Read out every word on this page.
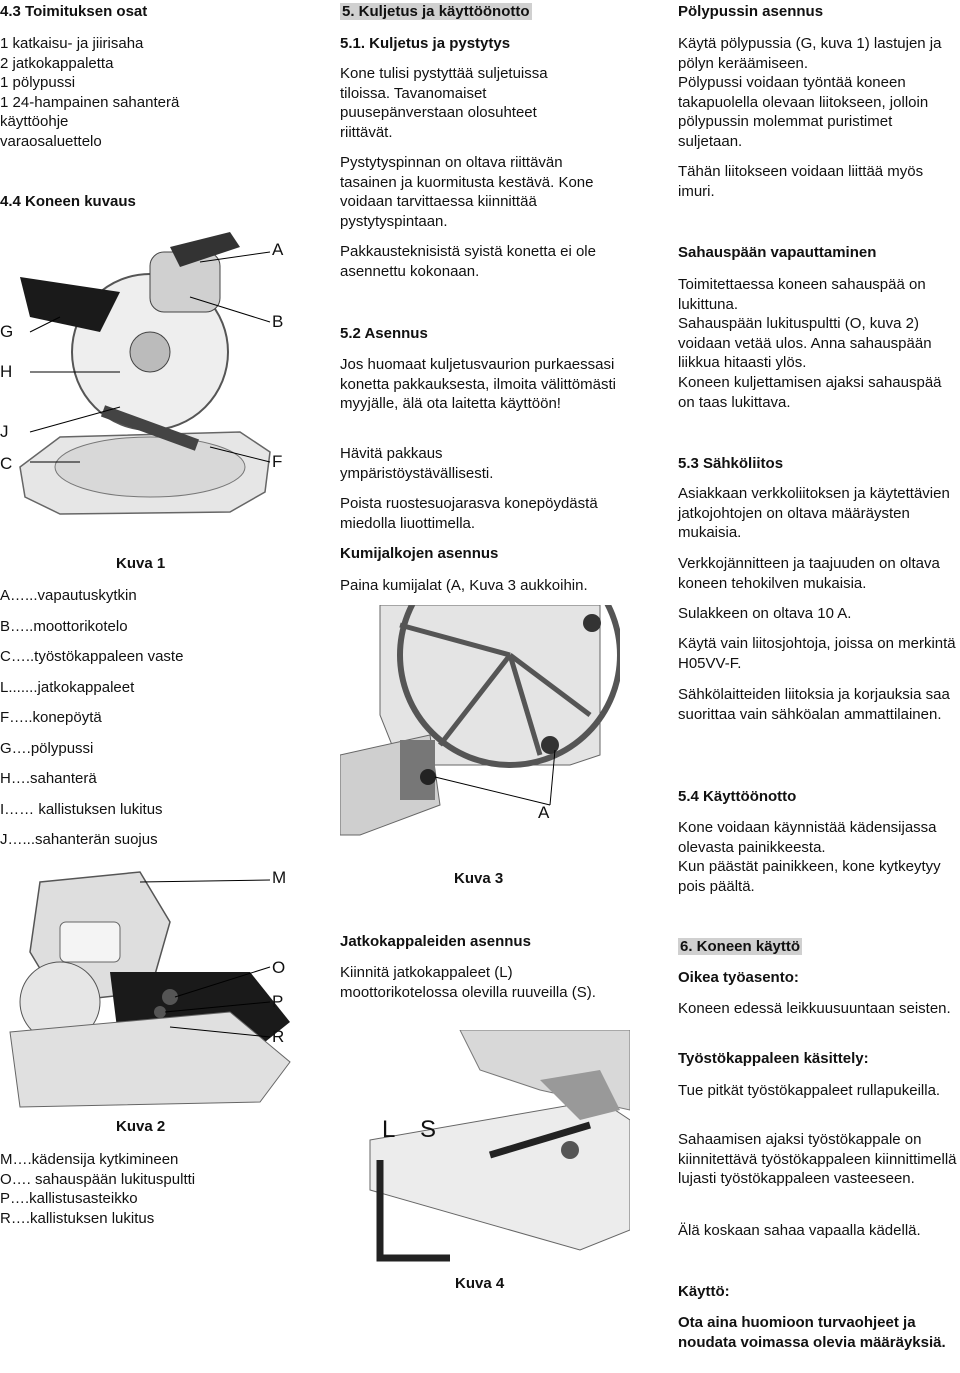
4.3 Toimituksen osat

1 katkaisu- ja jiirisaha

2 jatkokappaletta

1 pölypussi

1 24-hampainen sahanterä

käyttöohje

varaosaluettelo

4.4 Koneen kuvaus

A
B
G
H
J
C	F
Kuva 1

A…...vapautuskytkin

B…..moottorikotelo

C…..työstökappaleen vaste

L.......jatkokappaleet

F…..konepöytä

G….pölypussi

H….sahanterä

I…… kallistuksen lukitus

J…...sahanterän suojus

M
O
P
R
Kuva 2

M….kädensija kytkimineen

O…. sahauspään lukituspultti

P….kallistusasteikko

R….kallistuksen lukitus

5. Kuljetus ja käyttöönotto

5.1. Kuljetus ja pystytys

Kone tulisi pystyttää suljetuissa tiloissa. Tavanomaiset puusepänverstaan olosuhteet riittävät.

Pystytyspinnan on oltava riittävän tasainen ja kuormitusta kestävä. Kone voidaan tarvittaessa kiinnittää pystytyspintaan.

Pakkausteknisistä syistä konetta ei ole asennettu kokonaan.

5.2 Asennus

Jos huomaat kuljetusvaurion purkaessasi konetta pakkauksesta, ilmoita välittömästi myyjälle, älä ota laitetta käyttöön!

Hävitä pakkaus ympäristöystävällisesti.

Poista ruostesuojarasva konepöydästä miedolla liuottimella.

Kumijalkojen asennus

Paina kumijalat (A, Kuva 3 aukkoihin.

A
Kuva 3

Jatkokappaleiden asennus

Kiinnitä jatkokappaleet (L) moottorikotelossa olevilla ruuveilla (S).

L S
Kuva 4

Pölypussin asennus

Käytä pölypussia (G, kuva 1) lastujen ja pölyn keräämiseen.

Pölypussi voidaan työntää koneen takapuolella olevaan liitokseen, jolloin pölypussin molemmat puristimet suljetaan.

Tähän liitokseen voidaan liittää myös imuri.

Sahauspään vapauttaminen

Toimitettaessa koneen sahauspää on lukittuna.

Sahauspään lukituspultti (O, kuva 2) voidaan vetää ulos. Anna sahauspään liikkua hitaasti ylös.

Koneen kuljettamisen ajaksi sahauspää on taas lukittava.

5.3 Sähköliitos

Asiakkaan verkkoliitoksen ja käytettävien jatkojohtojen on oltava määräysten mukaisia.

Verkkojännitteen ja taajuuden on oltava koneen tehokilven mukaisia.

Sulakkeen on oltava 10 A.

Käytä vain liitosjohtoja, joissa on merkintä H05VV-F.

Sähkölaitteiden liitoksia ja korjauksia saa suorittaa vain sähköalan ammattilainen.

5.4 Käyttöönotto

Kone voidaan käynnistää kädensijassa olevasta painikkeesta.

Kun päästät painikkeen, kone kytkeytyy pois päältä.

6. Koneen käyttö

Oikea työasento:

Koneen edessä leikkuusuuntaan seisten.

Työstökappaleen käsittely:

Tue pitkät työstökappaleet rullapukeilla.

Sahaamisen ajaksi työstökappale on kiinnitettävä työstökappaleen kiinnittimellä lujasti työstökappaleen vasteeseen.

Älä koskaan sahaa vapaalla kädellä.

Käyttö:

Ota aina huomioon turvaohjeet ja noudata voimassa olevia määräyksiä.
